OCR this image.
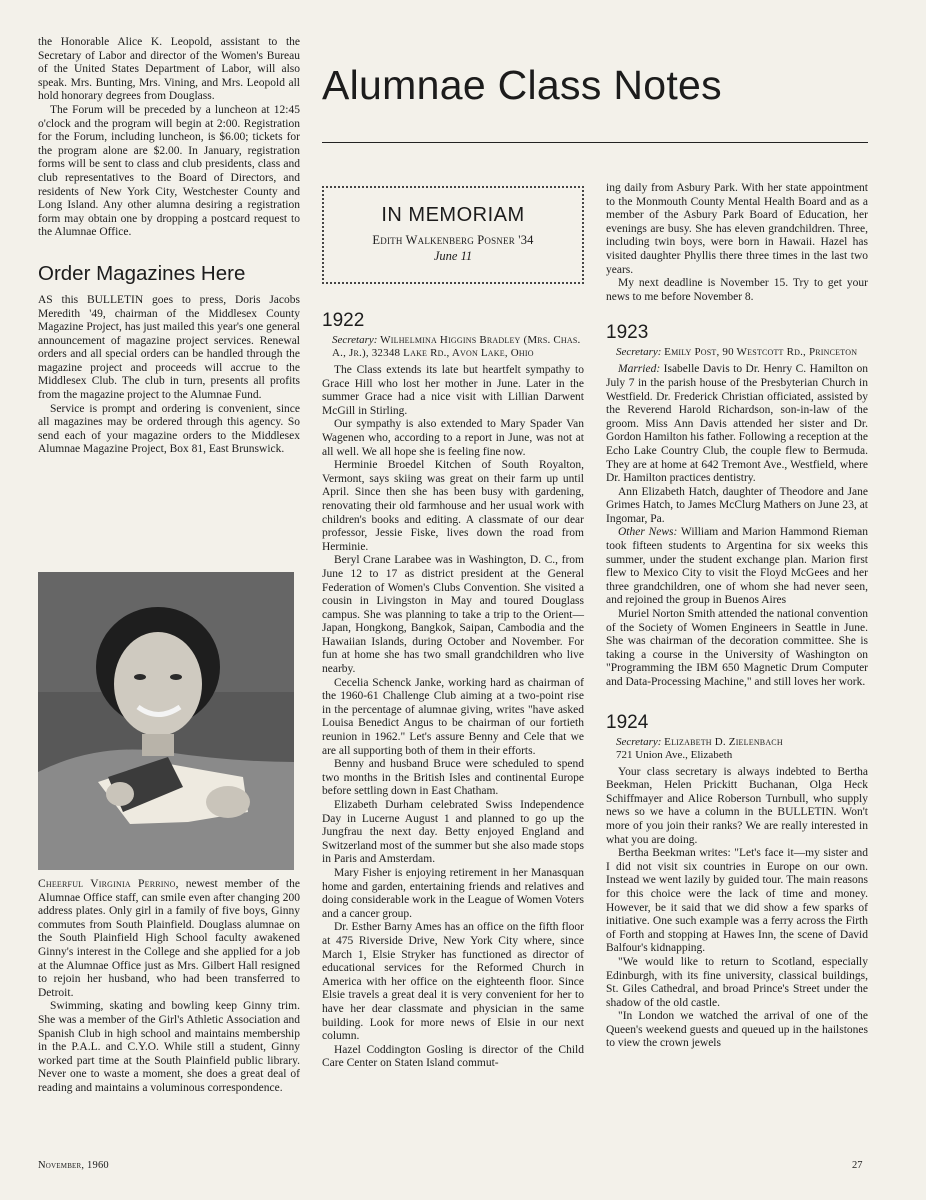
the Honorable Alice K. Leopold, assistant to the Secretary of Labor and director of the Women's Bureau of the United States Department of Labor, will also speak. Mrs. Bunting, Mrs. Vining, and Mrs. Leopold all hold honorary degrees from Douglass.

The Forum will be preceded by a luncheon at 12:45 o'clock and the program will begin at 2:00. Registration for the Forum, including luncheon, is $6.00; tickets for the program alone are $2.00. In January, registration forms will be sent to class and club presidents, class and club representatives to the Board of Directors, and residents of New York City, Westchester County and Long Island. Any other alumna desiring a registration form may obtain one by dropping a postcard request to the Alumnae Office.

Order Magazines Here

AS this BULLETIN goes to press, Doris Jacobs Meredith '49, chairman of the Middlesex County Magazine Project, has just mailed this year's one general announcement of magazine project services. Renewal orders and all special orders can be handled through the magazine project and proceeds will accrue to the Middlesex Club. The club in turn, presents all profits from the magazine project to the Alumnae Fund.

Service is prompt and ordering is convenient, since all magazines may be ordered through this agency. So send each of your magazine orders to the Middlesex Alumnae Magazine Project, Box 81, East Brunswick.

Cheerful Virginia Perrino, newest member of the Alumnae Office staff, can smile even after changing 200 address plates. Only girl in a family of five boys, Ginny commutes from South Plainfield. Douglass alumnae on the South Plainfield High School faculty awakened Ginny's interest in the College and she applied for a job at the Alumnae Office just as Mrs. Gilbert Hall resigned to rejoin her husband, who had been transferred to Detroit.

Swimming, skating and bowling keep Ginny trim. She was a member of the Girl's Athletic Association and Spanish Club in high school and maintains membership in the P.A.L. and C.Y.O. While still a student, Ginny worked part time at the South Plainfield public library. Never one to waste a moment, she does a great deal of reading and maintains a voluminous correspondence.

Alumnae Class Notes
IN MEMORIAM
Edith Walkenberg Posner '34
June 11
1922

Secretary: Wilhelmina Higgins Bradley (Mrs. Chas. A., Jr.), 32348 Lake Rd., Avon Lake, Ohio

The Class extends its late but heartfelt sympathy to Grace Hill who lost her mother in June. Later in the summer Grace had a nice visit with Lillian Darwent McGill in Stirling.

Our sympathy is also extended to Mary Spader Van Wagenen who, according to a report in June, was not at all well. We all hope she is feeling fine now.

Herminie Broedel Kitchen of South Royalton, Vermont, says skiing was great on their farm up until April. Since then she has been busy with gardening, renovating their old farmhouse and her usual work with children's books and editing. A classmate of our dear professor, Jessie Fiske, lives down the road from Herminie.

Beryl Crane Larabee was in Washington, D. C., from June 12 to 17 as district president at the General Federation of Women's Clubs Convention. She visited a cousin in Livingston in May and toured Douglass campus. She was planning to take a trip to the Orient—Japan, Hongkong, Bangkok, Saipan, Cambodia and the Hawaiian Islands, during October and November. For fun at home she has two small grandchildren who live nearby.

Cecelia Schenck Janke, working hard as chairman of the 1960-61 Challenge Club aiming at a two-point rise in the percentage of alumnae giving, writes "have asked Louisa Benedict Angus to be chairman of our fortieth reunion in 1962." Let's assure Benny and Cele that we are all supporting both of them in their efforts.

Benny and husband Bruce were scheduled to spend two months in the British Isles and continental Europe before settling down in East Chatham.

Elizabeth Durham celebrated Swiss Independence Day in Lucerne August 1 and planned to go up the Jungfrau the next day. Betty enjoyed England and Switzerland most of the summer but she also made stops in Paris and Amsterdam.

Mary Fisher is enjoying retirement in her Manasquan home and garden, entertaining friends and relatives and doing considerable work in the League of Women Voters and a cancer group.

Dr. Esther Barny Ames has an office on the fifth floor at 475 Riverside Drive, New York City where, since March 1, Elsie Stryker has functioned as director of educational services for the Reformed Church in America with her office on the eighteenth floor. Since Elsie travels a great deal it is very convenient for her to have her dear classmate and physician in the same building. Look for more news of Elsie in our next column.

Hazel Coddington Gosling is director of the Child Care Center on Staten Island commut-

ing daily from Asbury Park. With her state appointment to the Monmouth County Mental Health Board and as a member of the Asbury Park Board of Education, her evenings are busy. She has eleven grandchildren. Three, including twin boys, were born in Hawaii. Hazel has visited daughter Phyllis there three times in the last two years.

My next deadline is November 15. Try to get your news to me before November 8.

1923

Secretary: Emily Post, 90 Westcott Rd., Princeton

Married: Isabelle Davis to Dr. Henry C. Hamilton on July 7 in the parish house of the Presbyterian Church in Westfield. Dr. Frederick Christian officiated, assisted by the Reverend Harold Richardson, son-in-law of the groom. Miss Ann Davis attended her sister and Dr. Gordon Hamilton his father. Following a reception at the Echo Lake Country Club, the couple flew to Bermuda. They are at home at 642 Tremont Ave., Westfield, where Dr. Hamilton practices dentistry.

Ann Elizabeth Hatch, daughter of Theodore and Jane Grimes Hatch, to James McClurg Mathers on June 23, at Ingomar, Pa.

Other News: William and Marion Hammond Rieman took fifteen students to Argentina for six weeks this summer, under the student exchange plan. Marion first flew to Mexico City to visit the Floyd McGees and her three grandchildren, one of whom she had never seen, and rejoined the group in Buenos Aires

Muriel Norton Smith attended the national convention of the Society of Women Engineers in Seattle in June. She was chairman of the decoration committee. She is taking a course in the University of Washington on "Programming the IBM 650 Magnetic Drum Computer and Data-Processing Machine," and still loves her work.

1924

Secretary: Elizabeth D. Zielenbach

721 Union Ave., Elizabeth

Your class secretary is always indebted to Bertha Beekman, Helen Prickitt Buchanan, Olga Heck Schiffmayer and Alice Roberson Turnbull, who supply news so we have a column in the BULLETIN. Won't more of you join their ranks? We are really interested in what you are doing.

Bertha Beekman writes: "Let's face it—my sister and I did not visit six countries in Europe on our own. Instead we went lazily by guided tour. The main reasons for this choice were the lack of time and money. However, be it said that we did show a few sparks of initiative. One such example was a ferry across the Firth of Forth and stopping at Hawes Inn, the scene of David Balfour's kidnapping.

"We would like to return to Scotland, especially Edinburgh, with its fine university, classical buildings, St. Giles Cathedral, and broad Prince's Street under the shadow of the old castle.

"In London we watched the arrival of one of the Queen's weekend guests and queued up in the hailstones to view the crown jewels

November, 1960	27
